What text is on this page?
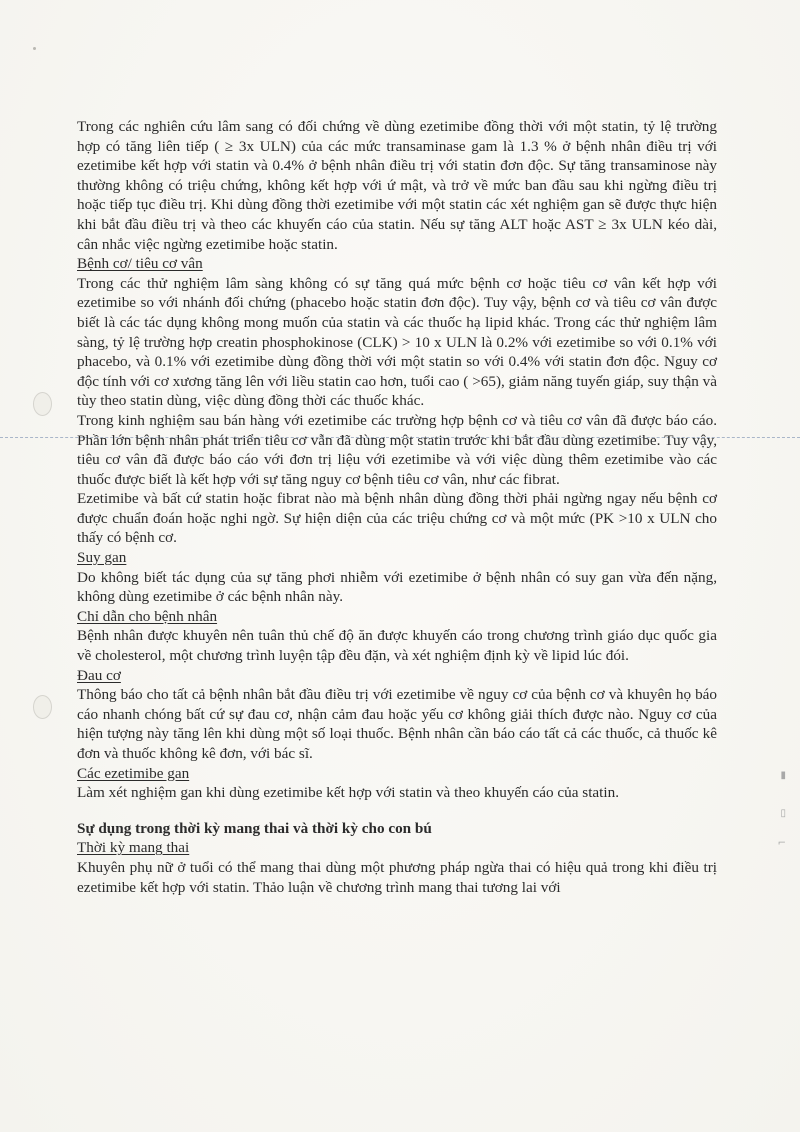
▮
▯
⌐

Trong các nghiên cứu lâm sang có đối chứng về dùng ezetimibe đồng thời với một statin, tỷ lệ trường hợp có tăng liên tiếp ( ≥ 3x ULN) của các mức transaminase gam là 1.3 % ở bệnh nhân điều trị với ezetimibe kết hợp với statin và 0.4% ở bệnh nhân điều trị với statin đơn độc. Sự tăng transaminose này thường không có triệu chứng, không kết hợp với ứ mật, và trở về mức ban đầu sau khi ngừng điều trị hoặc tiếp tục điều trị. Khi dùng đồng thời ezetimibe với một statin các xét nghiệm gan sẽ được thực hiện khi bắt đầu điều trị và theo các khuyến cáo của statin. Nếu sự tăng ALT hoặc AST ≥ 3x ULN kéo dài, cân nhắc việc ngừng ezetimibe hoặc statin.

Bệnh cơ/ tiêu cơ vân

Trong các thử nghiệm lâm sàng không có sự tăng quá mức bệnh cơ hoặc tiêu cơ vân kết hợp với ezetimibe so với nhánh đối chứng (phacebo hoặc statin đơn độc). Tuy vậy, bệnh cơ và tiêu cơ vân được biết là các tác dụng không mong muốn của statin và các thuốc hạ lipid khác. Trong các thử nghiệm lâm sàng, tỷ lệ trường hợp creatin phosphokinose (CLK) > 10 x ULN là 0.2% với ezetimibe so với 0.1% với phacebo, và 0.1% với ezetimibe dùng đồng thời với một statin so với 0.4% với statin đơn độc. Nguy cơ độc tính với cơ xương tăng lên với liều statin cao hơn, tuổi cao ( >65), giảm năng tuyến giáp, suy thận và tùy theo statin dùng, việc dùng đồng thời các thuốc khác.

Trong kinh nghiệm sau bán hàng với ezetimibe các trường hợp bệnh cơ và tiêu cơ vân đã được báo cáo. Phần lớn bệnh nhân phát triển tiêu cơ vẫn đã dùng một statin trước khi bắt đầu dùng ezetimibe. Tuy vậy, tiêu cơ vân đã được báo cáo với đơn trị liệu với ezetimibe và với việc dùng thêm ezetimibe vào các thuốc được biết là kết hợp với sự tăng nguy cơ bệnh tiêu cơ vân, như các fibrat.

Ezetimibe và bất cứ statin hoặc fibrat nào mà bệnh nhân dùng đồng thời phải ngừng ngay nếu bệnh cơ được chuẩn đoán hoặc nghi ngờ. Sự hiện diện của các triệu chứng cơ và một mức (PK >10 x ULN cho thấy có bệnh cơ.

Suy gan

Do không biết tác dụng của sự tăng phơi nhiễm với ezetimibe ở bệnh nhân có suy gan vừa đến nặng, không dùng ezetimibe ở các bệnh nhân này.

Chỉ dẫn cho bệnh nhân

Bệnh nhân được khuyên nên tuân thủ chế độ ăn được khuyến cáo trong chương trình giáo dục quốc gia về cholesterol, một chương trình luyện tập đều đặn, và xét nghiệm định kỳ về lipid lúc đói.

Đau cơ

Thông báo cho tất cả bệnh nhân bắt đầu điều trị với ezetimibe về nguy cơ của bệnh cơ và khuyên họ báo cáo nhanh chóng bất cứ sự đau cơ, nhận cảm đau hoặc yếu cơ không giải thích được nào. Nguy cơ của hiện tượng này tăng lên khi dùng một số loại thuốc. Bệnh nhân cần báo cáo tất cả các thuốc, cả thuốc kê đơn và thuốc không kê đơn, với bác sĩ.

Các ezetimibe gan

Làm xét nghiệm gan khi dùng ezetimibe kết hợp với statin và theo khuyến cáo của statin.

Sự dụng trong thời kỳ mang thai và thời kỳ cho con bú

Thời kỳ mang thai

Khuyên phụ nữ ở tuổi có thể mang thai dùng một phương pháp ngừa thai có hiệu quả trong khi điều trị ezetimibe kết hợp với statin. Thảo luận về chương trình mang thai tương lai với
